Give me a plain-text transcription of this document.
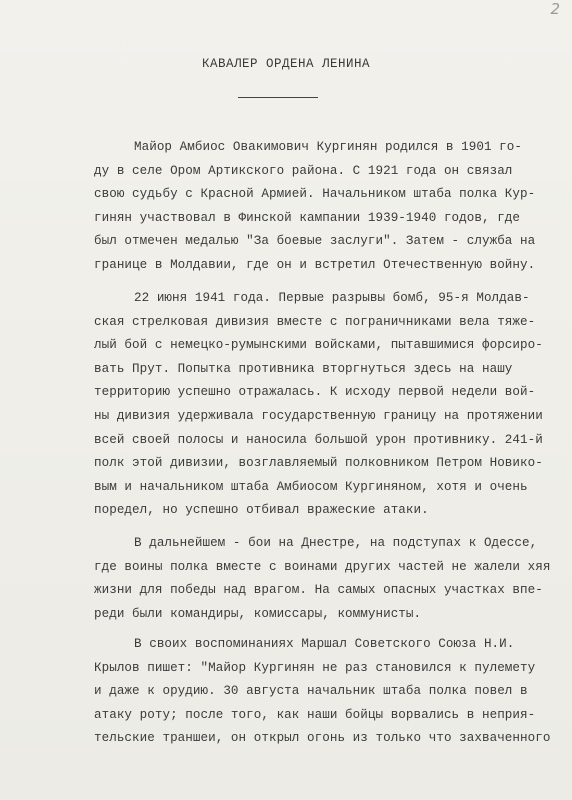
2
КАВАЛЕР ОРДЕНА ЛЕНИНА
Майор Амбиос Овакимович Кургинян родился в 1901 го-
ду в селе Ором Артикского района. С 1921 года он связал
свою судьбу с Красной Армией. Начальником штаба полка Кур-
гинян участвовал в Финской кампании 1939-1940 годов, где
был отмечен медалью "За боевые заслуги". Затем - служба на
границе в Молдавии, где он и встретил Отечественную войну.
22 июня 1941 года. Первые разрывы бомб, 95-я Молдав-
ская стрелковая дивизия вместе с пограничниками вела тяже-
лый бой с немецко-румынскими войсками, пытавшимися форсиро-
вать Прут. Попытка противника вторгнуться здесь на нашу
территорию успешно отражалась. К исходу первой недели вой-
ны дивизия удерживала государственную границу на протяжении
всей своей полосы и наносила большой урон противнику. 241-й
полк этой дивизии, возглавляемый полковником Петром Новико-
вым и начальником штаба Амбиосом Кургиняном, хотя и очень
поредел, но успешно отбивал вражеские атаки.
В дальнейшем - бои на Днестре, на подступах к Одессе,
где воины полка вместе с воинами других частей не жалели хяя
жизни для победы над врагом. На самых опасных участках впе-
реди были командиры, комиссары, коммунисты.
В своих воспоминаниях Маршал Советского Союза Н.И.
Крылов пишет: "Майор Кургинян не раз становился к пулемету
и даже к орудию. 30 августа начальник штаба полка повел в
атаку роту; после того, как наши бойцы ворвались в неприя-
тельские траншеи, он открыл огонь из только что захваченного
